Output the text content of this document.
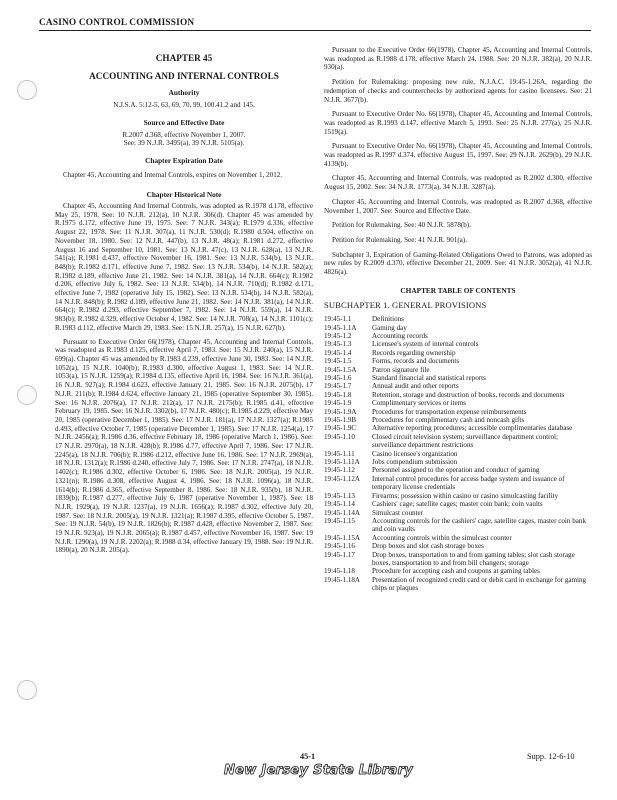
CASINO CONTROL COMMISSION
CHAPTER 45
ACCOUNTING AND INTERNAL CONTROLS
Authority
N.J.S.A. 5:12-5, 63, 69, 70, 99, 100.41.2 and 145.
Source and Effective Date
R.2007 d.368, effective November 1, 2007.
See: 39 N.J.R. 3495(a), 39 N.J.R. 5105(a).
Chapter Expiration Date

Chapter 45, Accounting and Internal Controls, expires on November 1, 2012.

Chapter Historical Note

Chapter 45, Accounting And Internal Controls, was adopted as R.1978 d.178, effective May 25, 1978. See: 10 N.J.R. 212(a), 10 N.J.R. 306(d). Chapter 45 was amended by R.1975 d.172, effective June 19, 1975. See: 7 N.J.R. 343(a); R.1979 d.336, effective August 22, 1978. See: 11 N.J.R. 307(a), 11 N.J.R. 530(d); R.1980 d.504, effective on November 18, 1980. See: 12 N.J.R. 447(b), 13 N.J.R. 48(a); R.1981 d.272, effective August 16 and September 10, 1981. See: 13 N.J.R. 47(c), 13 N.J.R. 628(a), 13 N.J.R. 541(a); R.1981 d.437, effective November 16, 1981. See: 13 N.J.R. 534(b), 13 N.J.R. 848(b); R.1982 d.171, effective June 7, 1982. See: 13 N.J.R. 534(b), 14 N.J.R. 582(a); R.1982 d.189, effective June 21, 1982. See: 14 N.J.R. 381(a), 14 N.J.R. 664(c); R.1982 d.206, effective July 6, 1982. See: 13 N.J.R. 534(b), 14 N.J.R. 710(d); R.1982 d.171, effective June 7, 1982 (operative July 15, 1982). See: 13 N.J.R. 534(b), 14 N.J.R. 582(a), 14 N.J.R. 848(b); R.1982 d.189, effective June 21, 1982. See: 14 N.J.R. 381(a), 14 N.J.R. 664(c); R.1982 d.293, effective September 7, 1982. See: 14 N.J.R. 559(a), 14 N.J.R. 983(b); R.1982 d.329, effective October 4, 1982. See: 14 N.J.R. 708(a), 14 N.J.R. 1101(c); R.1983 d.112, effective March 29, 1983. See: 15 N.J.R. 257(a), 15 N.J.R. 627(b).

Pursuant to Executive Order 66(1978), Chapter 45, Accounting and Internal Controls, was readopted as R.1983 d.125, effective April 7, 1983. See: 15 N.J.R. 240(a), 15 N.J.R. 699(a). Chapter 45 was amended by R.1983 d.239, effective June 30, 1983. See: 14 N.J.R. 1052(a), 15 N.J.R. 1040(b); R.1983 d.300, effective August 1, 1983. See: 14 N.J.R. 1053(a), 15 N.J.R. 1259(a); R.1984 d.135, effective April 16, 1984. See: 16 N.J.R. 361(a), 16 N.J.R. 927(a); R.1984 d.623, effective January 21, 1985. See: 16 N.J.R. 2075(b), 17 N.J.R. 211(b); R.1984 d.624, effective January 21, 1985 (operative September 30, 1985). See: 16 N.J.R. 2076(a), 17 N.J.R. 212(a), 17 N.J.R. 2175(b); R.1985 d.41, effective February 19, 1985. See: 16 N.J.R. 3302(b), 17 N.J.R. 480(c); R.1985 d.229, effective May 20, 1985 (operative December 1, 1985). See: 17 N.J.R. 181(a), 17 N.J.R. 1327(a); R.1985 d.493, effective October 7, 1985 (operative December 1, 1985). See: 17 N.J.R. 1254(a), 17 N.J.R. 2456(a); R.1986 d.36, effective February 18, 1986 (operative March 1, 1986). See: 17 N.J.R. 2970(a), 18 N.J.R. 428(b); R.1986 d.77, effective April 7, 1986. See: 17 N.J.R. 2245(a), 18 N.J.R. 706(b); R.1986 d.212, effective June 16, 1986. See: 17 N.J.R. 2969(a), 18 N.J.R. 1312(a); R.1986 d.240, effective July 7, 1986. See: 17 N.J.R. 2747(a), 18 N.J.R. 1402(c); R.1986 d.302, effective October 6, 1986. See: 18 N.J.R. 2005(a), 19 N.J.R. 1321(n); R.1986 d.308, effective August 4, 1986. See: 18 N.J.R. 1096(a), 18 N.J.R. 1614(b); R.1986 d.365, effective September 8, 1986. See: 18 N.J.R. 935(b), 18 N.J.R. 1839(b); R.1987 d.277, effective July 6, 1987 (operative November 1, 1987). See: 18 N.J.R. 1929(a), 19 N.J.R. 1237(a), 19 N.J.R. 1656(a); R.1987 d.302, effective July 20, 1987. See: 18 N.J.R. 2005(a), 19 N.J.R. 1321(a); R.1987 d.395, effective October 5, 1987. See: 19 N.J.R. 54(b), 19 N.J.R. 1826(b); R.1987 d.428, effective November 2, 1987. See: 19 N.J.R. 923(a), 19 N.J.R. 2065(a); R.1987 d.457, effective November 16, 1987. See: 19 N.J.R. 1290(a), 19 N.J.R. 2202(a); R.1988 d.34, effective January 19, 1988. See: 19 N.J.R. 1890(a), 20 N.J.R. 205(a).

Pursuant to the Executive Order 66(1978), Chapter 45, Accounting and Internal Controls, was readopted as R.1988 d.178, effective March 24, 1988. See: 20 N.J.R. 382(a), 20 N.J.R. 930(a).

Petition for Rulemaking: proposing new rule, N.J.A.C. 19:45-1.26A, regarding the redemption of checks and counterchecks by authorized agents for casino licensees. See: 21 N.J.R. 3677(b).

Pursuant to Executive Order No. 66(1978), Chapter 45, Accounting and Internal Controls, was readopted as R.1993 d.147, effective March 5, 1993. See: 25 N.J.R. 277(a), 25 N.J.R. 1519(a).

Pursuant to Executive Order No. 66(1978), Chapter 45, Accounting and Internal Controls, was readopted as R.1997 d.374, effective August 15, 1997. See: 29 N.J.R. 2629(b), 29 N.J.R. 4139(b).

Chapter 45, Accounting and Internal Controls, was readopted as R.2002 d.300, effective August 15, 2002. See: 34 N.J.R. 1773(a), 34 N.J.R. 3287(a).

Chapter 45, Accounting and Internal Controls, was readopted as R.2007 d.368, effective November 1, 2007. See: Source and Effective Date.

Petition for Rulemaking. See: 40 N.J.R. 5878(b).

Petition for Rulemaking. See: 41 N.J.R. 901(a).

Subchapter 3, Expiration of Gaming-Related Obligations Owed to Patrons, was adopted as new rules by R.2009 d.370, effective December 21, 2009. See: 41 N.J.R. 3052(a), 41 N.J.R. 4826(a).

CHAPTER TABLE OF CONTENTS
SUBCHAPTER 1. GENERAL PROVISIONS
19:45-1.1	Definitions
19:45-1.1A	Gaming day
19:45-1.2	Accounting records
19:45-1.3	Licensee's system of internal controls
19:45-1.4	Records regarding ownership
19:45-1.5	Forms, records and documents
19:45-1.5A	Patron signature file
19:45-1.6	Standard financial and statistical reports
19:45-1.7	Annual audit and other reports
19:45-1.8	Retention, storage and destruction of books, records and documents
19:45-1.9	Complimentary services or items
19:45-1.9A	Procedures for transportation expense reimbursements
19:45-1.9B	Procedures for complimentary cash and noncash gifts
19:45-1.9C	Alternative reporting procedures; accessible complimentaries database
19:45-1.10	Closed circuit television system; surveillance department control; surveillance department restrictions
19:45-1.11	Casino licensee's organization
19:45-1.11A	Jobs compendium submission
19:45-1.12	Personnel assigned to the operation and conduct of gaming
19:45-1.12A	Internal control procedures for access badge system and issuance of temporary license credentials
19:45-1.13	Firearms; possession within casino or casino simulcasting facility
19:45-1.14	Cashiers' cage; satellite cages; master coin bank; coin vaults
19:45-1.14A	Simulcast counter
19:45-1.15	Accounting controls for the cashiers' cage, satellite cages, master coin bank and coin vaults
19:45-1.15A	Accounting controls within the simulcast counter
19:45-1.16	Drop boxes and slot cash storage boxes
19:45-1.17	Drop boxes, transportation to and from gaming tables; slot cash storage boxes, transportation to and from bill changers; storage
19:45-1.18	Procedure for accepting cash and coupons at gaming tables
19:45-1.18A	Presentation of recognized credit card or debit card in exchange for gaming chips or plaques
45-1	Supp. 12-6-10
New Jersey State Library
